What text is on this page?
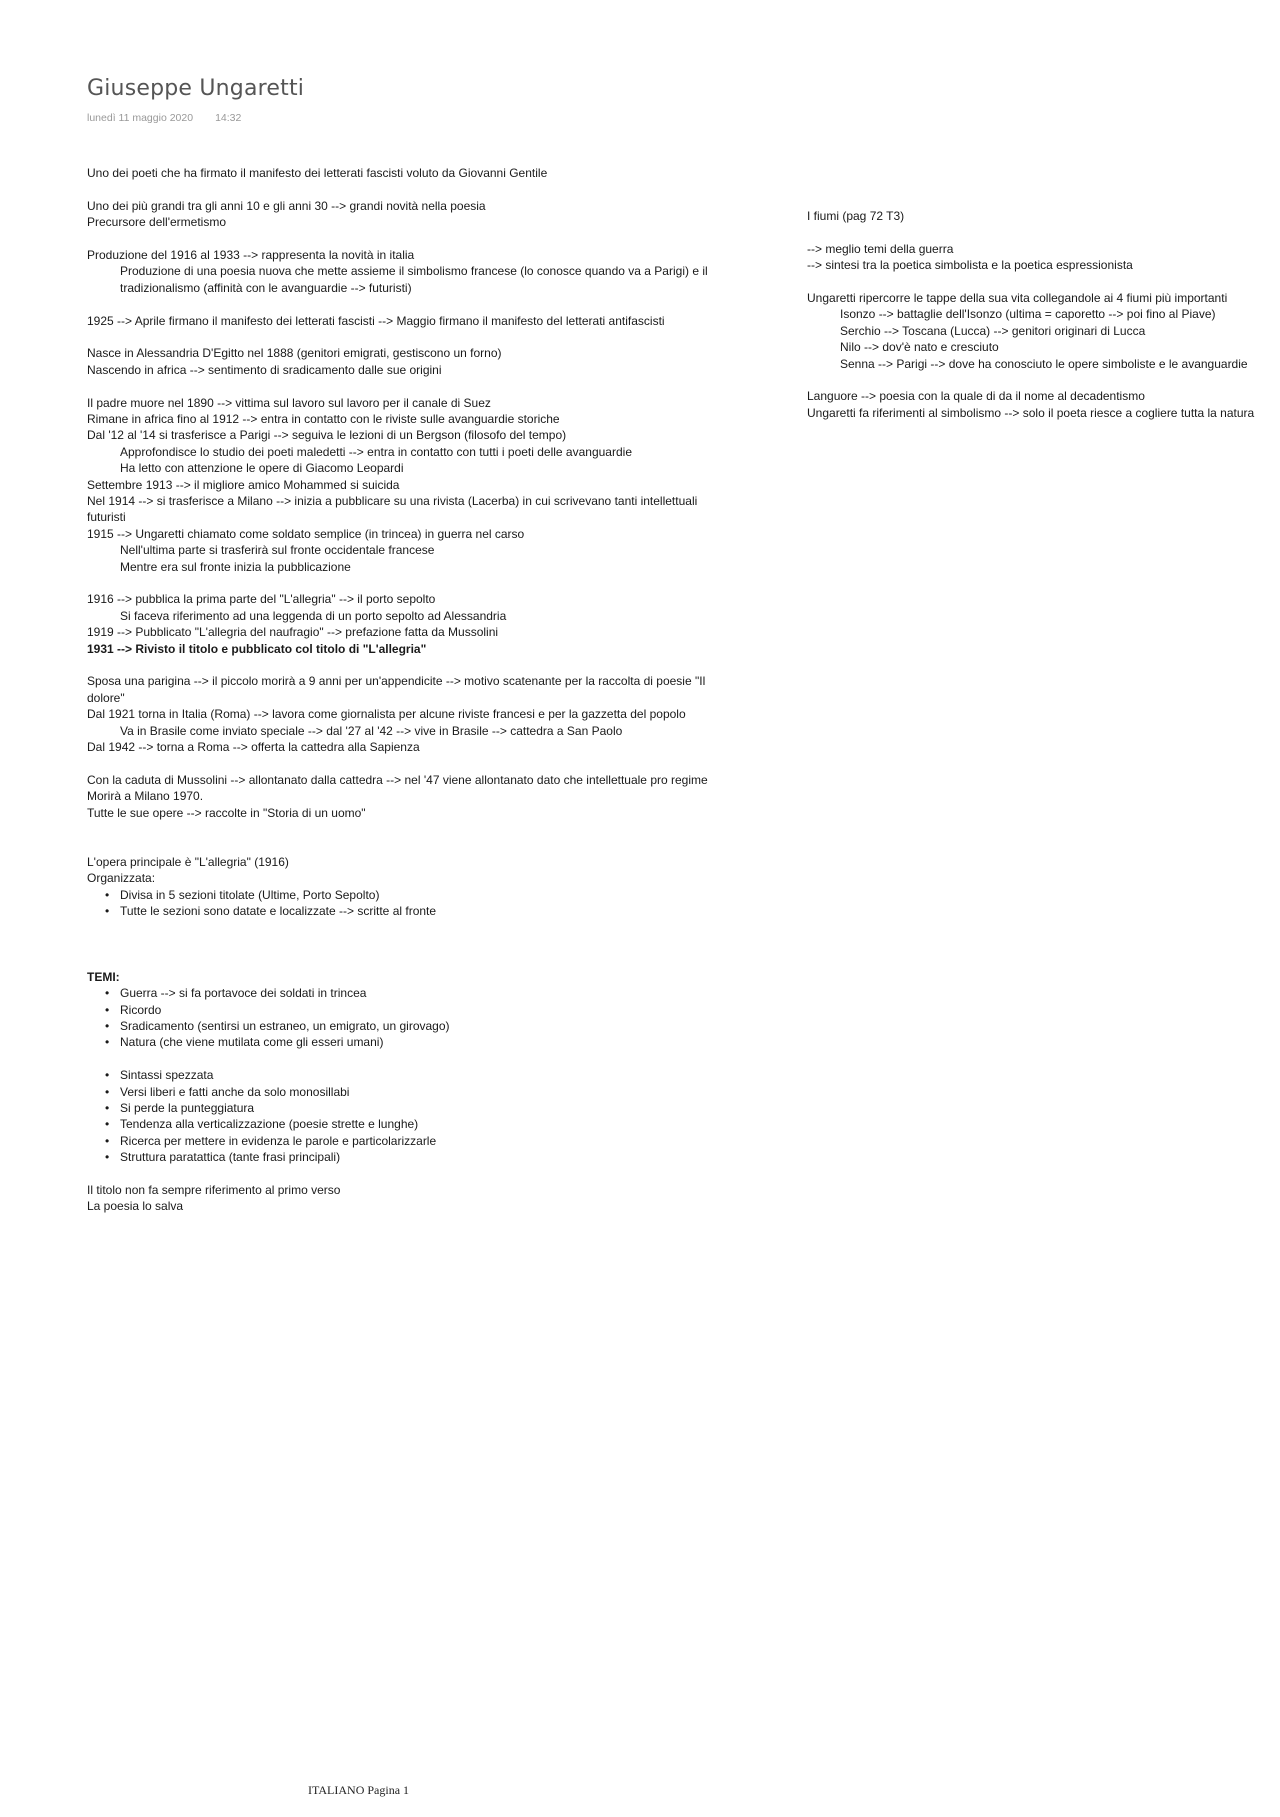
Giuseppe Ungaretti
lunedì 11 maggio 2020 14:32
Uno dei poeti che ha firmato il manifesto dei letterati fascisti voluto da Giovanni Gentile
Uno dei più grandi tra gli anni 10 e gli anni 30 --> grandi novità nella poesia
Precursore dell'ermetismo
Produzione del 1916 al 1933 --> rappresenta la novità in italia
Produzione di una poesia nuova che mette assieme il simbolismo francese (lo conosce quando va a Parigi) e il tradizionalismo (affinità con le avanguardie --> futuristi)
1925 --> Aprile firmano il manifesto dei letterati fascisti --> Maggio firmano il manifesto del letterati antifascisti
Nasce in Alessandria D'Egitto nel 1888 (genitori emigrati, gestiscono un forno)
Nascendo in africa --> sentimento di sradicamento dalle sue origini
Il padre muore nel 1890 --> vittima sul lavoro sul lavoro per il canale di Suez
Rimane in africa fino al 1912 --> entra in contatto con le riviste sulle avanguardie storiche
Dal '12 al '14 si trasferisce a Parigi --> seguiva le lezioni di un Bergson (filosofo del tempo)
Approfondisce lo studio dei poeti maledetti --> entra in contatto con tutti i poeti delle avanguardie
Ha letto con attenzione le opere di Giacomo Leopardi
Settembre 1913 --> il migliore amico Mohammed si suicida
Nel 1914 --> si trasferisce a Milano --> inizia a pubblicare su una rivista (Lacerba) in cui scrivevano tanti intellettuali futuristi
1915 --> Ungaretti chiamato come soldato semplice (in trincea) in guerra nel carso
Nell'ultima parte si trasferirà sul fronte occidentale francese
Mentre era sul fronte inizia la pubblicazione
1916 --> pubblica la prima parte del "L'allegria" --> il porto sepolto
Si faceva riferimento ad una leggenda di un porto sepolto ad Alessandria
1919 --> Pubblicato "L'allegria del naufragio" --> prefazione fatta da Mussolini
1931 --> Rivisto il titolo e pubblicato col titolo di "L'allegria"
Sposa una parigina --> il piccolo morirà a 9 anni per un'appendicite --> motivo scatenante per la raccolta di poesie "Il dolore"
Dal 1921 torna in Italia (Roma) --> lavora come giornalista per alcune riviste francesi e per la gazzetta del popolo
Va in Brasile come inviato speciale --> dal '27 al '42 --> vive in Brasile --> cattedra a San Paolo
Dal 1942 --> torna a Roma --> offerta la cattedra alla Sapienza
Con la caduta di Mussolini --> allontanato dalla cattedra --> nel '47 viene allontanato dato che intellettuale pro regime
Morirà a Milano 1970.
Tutte le sue opere --> raccolte in "Storia di un uomo"
L'opera principale è "L'allegria" (1916)
Organizzata:
• Divisa in 5 sezioni titolate (Ultime, Porto Sepolto)
• Tutte le sezioni sono datate e localizzate --> scritte al fronte
TEMI:
• Guerra --> si fa portavoce dei soldati in trincea
• Ricordo
• Sradicamento (sentirsi un estraneo, un emigrato, un girovago)
• Natura (che viene mutilata come gli esseri umani)
• Sintassi spezzata
• Versi liberi e fatti anche da solo monosillabi
• Si perde la punteggiatura
• Tendenza alla verticalizzazione (poesie strette e lunghe)
• Ricerca per mettere in evidenza le parole e particolarizzarle
• Struttura paratattica (tante frasi principali)
Il titolo non fa sempre riferimento al primo verso
La poesia lo salva
I fiumi (pag 72 T3)
--> meglio temi della guerra
--> sintesi tra la poetica simbolista e la poetica espressionista
Ungaretti ripercorre le tappe della sua vita collegandole ai 4 fiumi più importanti
Isonzo --> battaglie dell'Isonzo (ultima = caporetto --> poi fino al Piave)
Serchio --> Toscana (Lucca) --> genitori originari di Lucca
Nilo --> dov'è nato e cresciuto
Senna --> Parigi --> dove ha conosciuto le opere simboliste e le avanguardie
Languore --> poesia con la quale di da il nome al decadentismo
Ungaretti fa riferimenti al simbolismo --> solo il poeta riesce a cogliere tutta la natura
ITALIANO Pagina 1
